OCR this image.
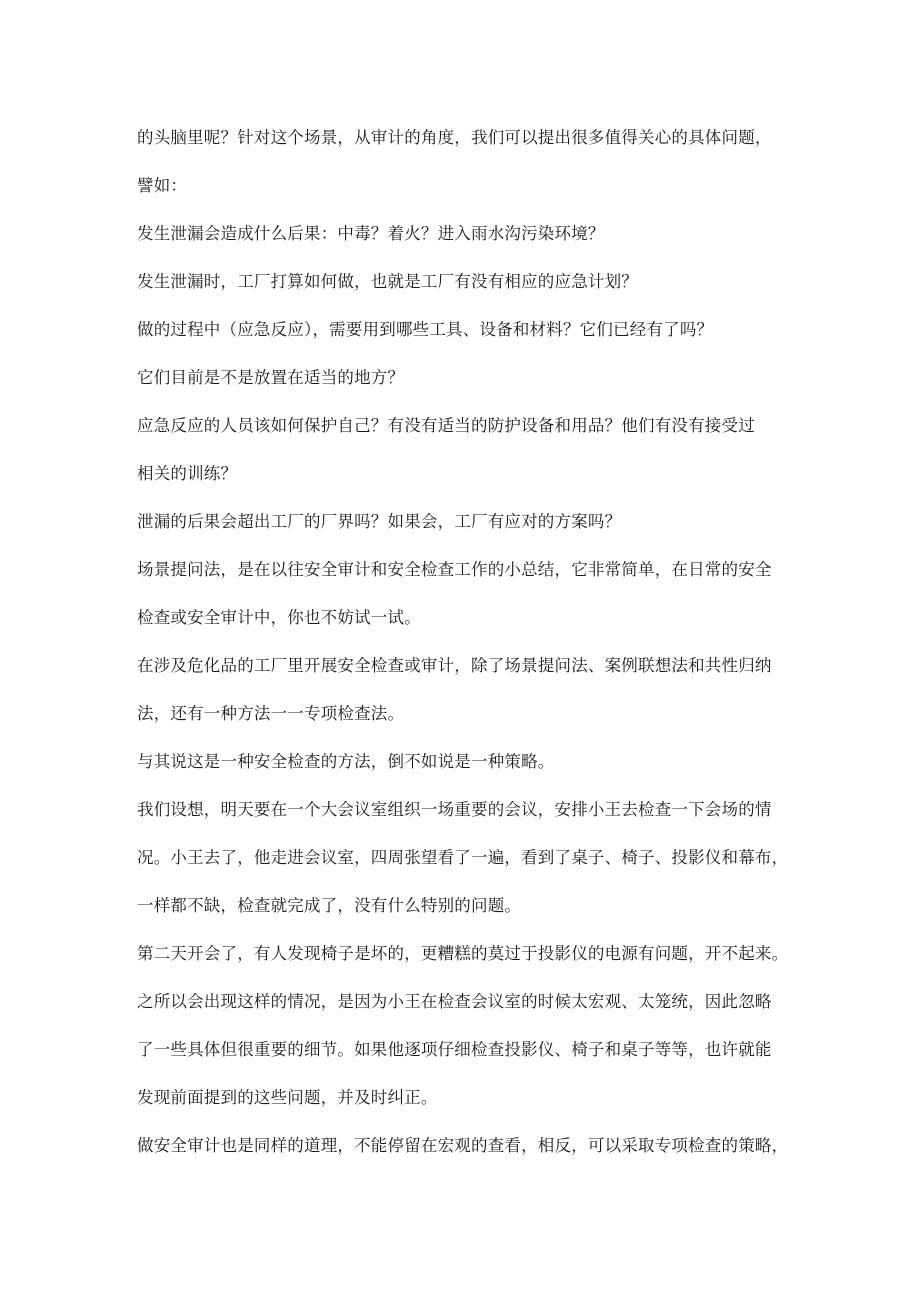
的头脑里呢？针对这个场景，从审计的角度，我们可以提出很多值得关心的具体问题，
譬如：
发生泄漏会造成什么后果：中毒？着火？进入雨水沟污染环境？
发生泄漏时，工厂打算如何做，也就是工厂有没有相应的应急计划？
做的过程中（应急反应），需要用到哪些工具、设备和材料？它们已经有了吗？
它们目前是不是放置在适当的地方？
应急反应的人员该如何保护自己？有没有适当的防护设备和用品？他们有没有接受过
相关的训练？
泄漏的后果会超出工厂的厂界吗？如果会，工厂有应对的方案吗？
场景提问法，是在以往安全审计和安全检查工作的小总结，它非常简单，在日常的安全
检查或安全审计中，你也不妨试一试。
在涉及危化品的工厂里开展安全检查或审计，除了场景提问法、案例联想法和共性归纳
法，还有一种方法一一专项检查法。
与其说这是一种安全检查的方法，倒不如说是一种策略。
我们设想，明天要在一个大会议室组织一场重要的会议，安排小王去检查一下会场的情
况。小王去了，他走进会议室，四周张望看了一遍，看到了桌子、椅子、投影仪和幕布，
一样都不缺，检查就完成了，没有什么特别的问题。
第二天开会了，有人发现椅子是坏的，更糟糕的莫过于投影仪的电源有问题，开不起来。
之所以会出现这样的情况，是因为小王在检查会议室的时候太宏观、太笼统，因此忽略
了一些具体但很重要的细节。如果他逐项仔细检查投影仪、椅子和桌子等等，也许就能
发现前面提到的这些问题，并及时纠正。
做安全审计也是同样的道理，不能停留在宏观的查看，相反，可以采取专项检查的策略，
